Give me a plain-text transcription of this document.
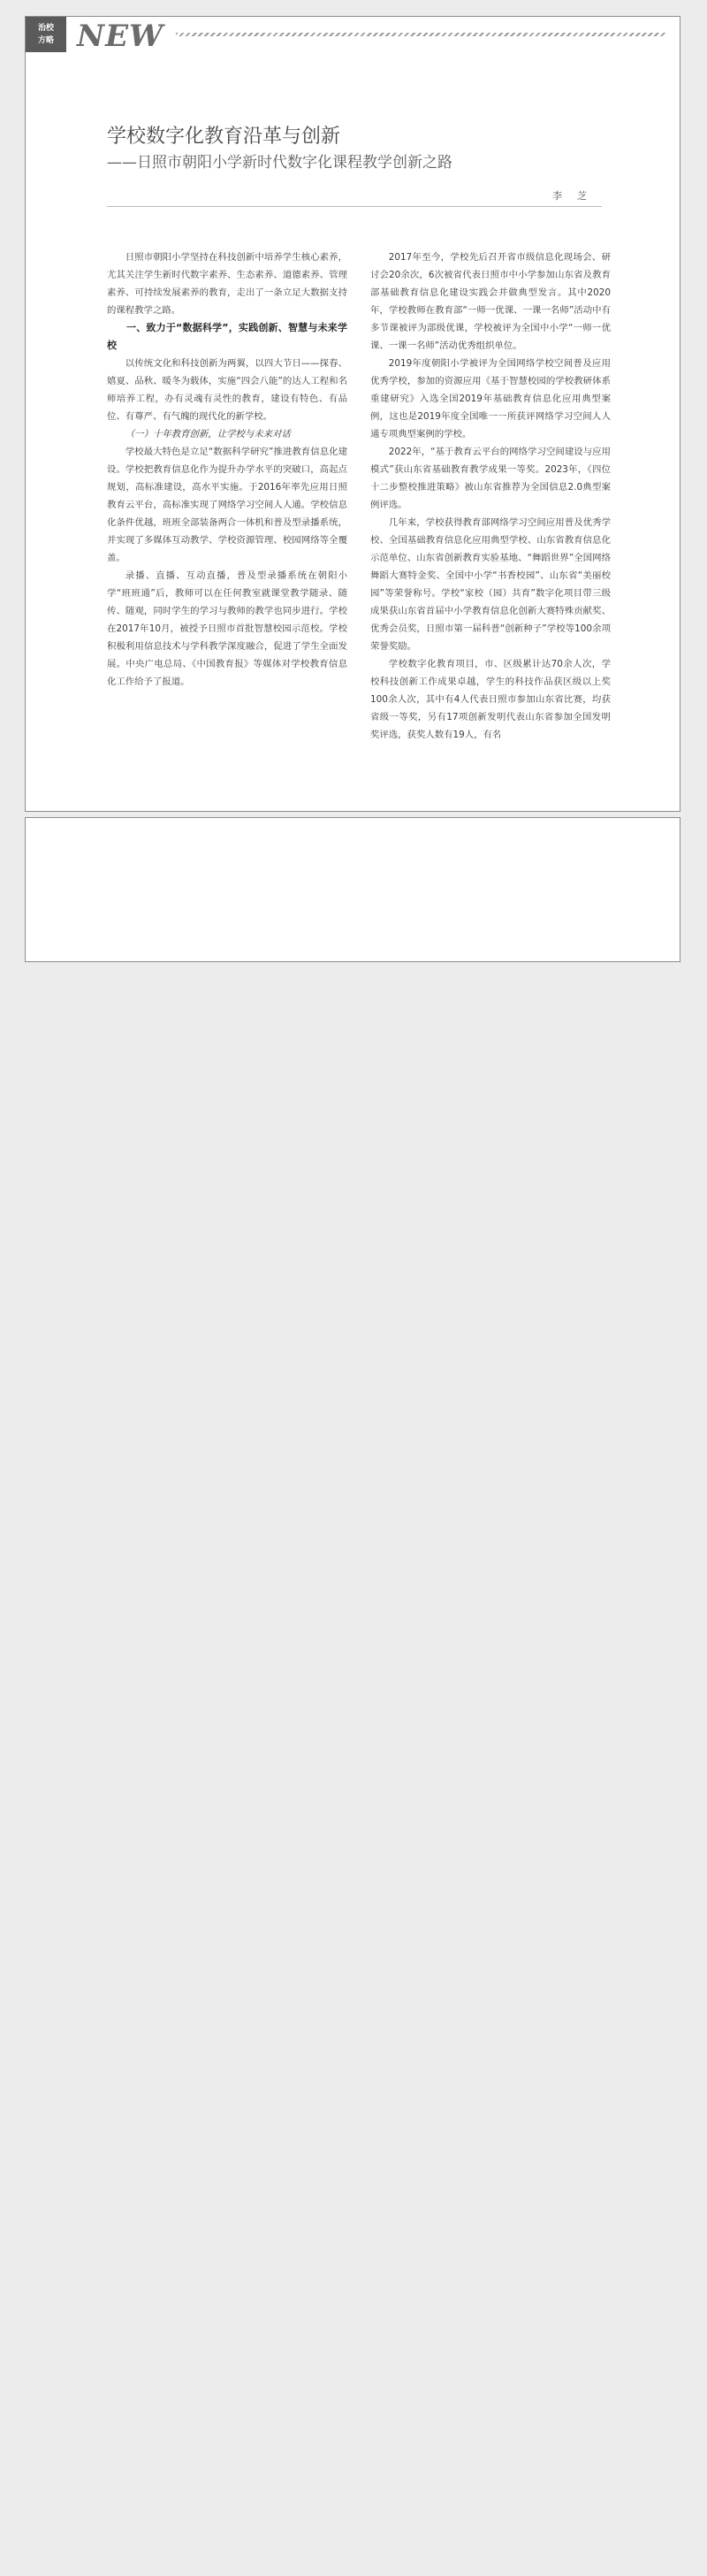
治校
方略 NEW
学校数字化教育沿革与创新
——日照市朝阳小学新时代数字化课程教学创新之路
李　芝

日照市朝阳小学坚持在科技创新中培养学生核心素养，尤其关注学生新时代数字素养、生态素养、道德素养、管理素养、可持续发展素养的教育，走出了一条立足大数据支持的课程教学之路。

一、致力于“数据科学”，实践创新、智慧与未来学校

以传统文化和科技创新为两翼，以四大节日——探春、嬉夏、品秋、暖冬为载体，实施“四会八能”的达人工程和名师培养工程，办有灵魂有灵性的教育，建设有特色、有品位、有尊严、有气魄的现代化的新学校。

（一）十年教育创新，让学校与未来对话

学校最大特色是立足“数据科学研究”推进教育信息化建设。学校把教育信息化作为提升办学水平的突破口，高起点规划，高标准建设，高水平实施。于2016年率先应用日照教育云平台，高标准实现了网络学习空间人人通。学校信息化条件优越，班班全部装备两合一体机和普及型录播系统，并实现了多媒体互动教学、学校资源管理、校园网络等全覆盖。

录播、直播、互动直播，普及型录播系统在朝阳小学“班班通”后，教师可以在任何教室就课堂教学随录、随传、随观，同时学生的学习与教师的教学也同步进行。学校在2017年10月，被授予日照市首批智慧校园示范校。学校积极利用信息技术与学科教学深度融合，促进了学生全面发展。中央广电总局、《中国教育报》等媒体对学校教育信息化工作给予了报道。

2017年至今，学校先后召开省市级信息化现场会、研讨会20余次，6次被省代表日照市中小学参加山东省及教育部基础教育信息化建设实践会并做典型发言。其中2020年，学校教师在教育部“一师一优课、一课一名师”活动中有多节课被评为部级优课，学校被评为全国中小学“一师一优课、一课一名师”活动优秀组织单位。

2019年度朝阳小学被评为全国网络学校空间普及应用优秀学校，参加的资源应用《基于智慧校园的学校教研体系重建研究》入选全国2019年基础教育信息化应用典型案例，这也是2019年度全国唯一一所获评网络学习空间人人通专项典型案例的学校。

2022年，“基于教育云平台的网络学习空间建设与应用模式”获山东省基础教育教学成果一等奖。2023年，《四位十二步整校推进策略》被山东省推荐为全国信息2.0典型案例评选。

几年来，学校获得教育部网络学习空间应用普及优秀学校、全国基础教育信息化应用典型学校、山东省教育信息化示范单位、山东省创新教育实验基地、“舞蹈世界”全国网络舞蹈大赛特金奖、全国中小学“书香校园”、山东省“美丽校园”等荣誉称号。学校“家校（园）共育”数字化项目带三级成果获山东省首届中小学教育信息化创新大赛特殊贡献奖、优秀会员奖，日照市第一届科普“创新种子”学校等100余项荣誉奖励。

学校数字化教育项目，市、区级累计达70余人次，学校科技创新工作成果卓越，学生的科技作品获区级以上奖100余人次，其中有4人代表日照市参加山东省比赛，均获省级一等奖，另有17项创新发明代表山东省参加全国发明奖评选，获奖人数有19人，有名
